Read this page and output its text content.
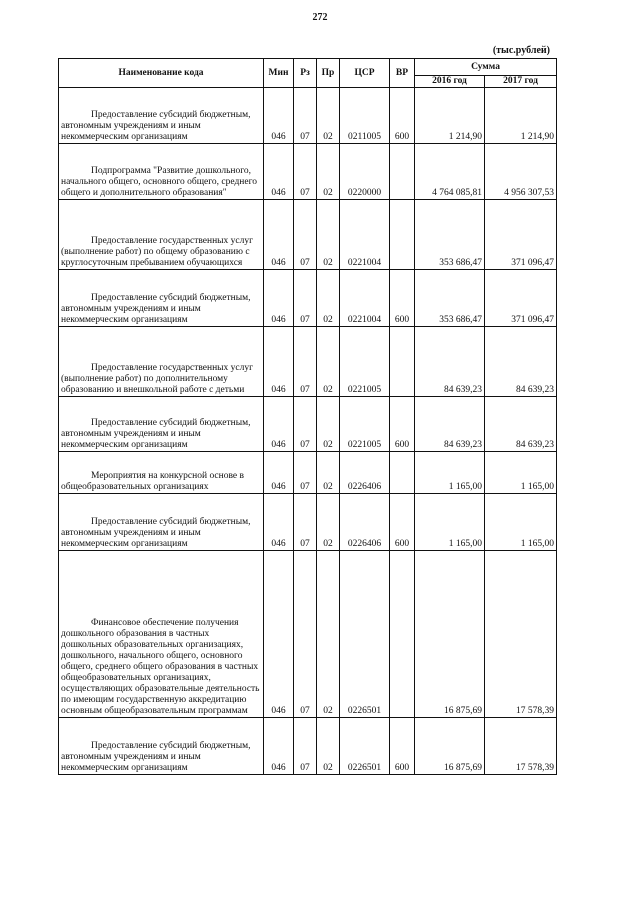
272
(тыс.рублей)
Наименование кода	Мин	Рз	Пр	ЦСР	ВР	Сумма	
						2016 год	2017 год
Предоставление субсидий бюджетным, автономным учреждениям и иным некоммерческим организациям	046	07	02	0211005	600	1 214,90	1 214,90
Подпрограмма "Развитие дошкольного, начального общего, основного общего, среднего общего и дополнительного образования"	046	07	02	0220000		4 764 085,81	4 956 307,53
Предоставление государственных услуг (выполнение работ) по общему образованию с круглосуточным пребыванием обучающихся	046	07	02	0221004		353 686,47	371 096,47
Предоставление субсидий бюджетным, автономным учреждениям и иным некоммерческим организациям	046	07	02	0221004	600	353 686,47	371 096,47
Предоставление государственных услуг (выполнение работ) по дополнительному образованию и внешкольной работе с детьми	046	07	02	0221005		84 639,23	84 639,23
Предоставление субсидий бюджетным, автономным учреждениям и иным некоммерческим организациям	046	07	02	0221005	600	84 639,23	84 639,23
Мероприятия на конкурсной основе в общеобразовательных организациях	046	07	02	0226406		1 165,00	1 165,00
Предоставление субсидий бюджетным, автономным учреждениям и иным некоммерческим организациям	046	07	02	0226406	600	1 165,00	1 165,00
Финансовое обеспечение получения дошкольного образования в частных дошкольных образовательных организациях, дошкольного, начального общего, основного общего, среднего общего образования в частных общеобразовательных организациях, осуществляющих образовательные деятельность по имеющим государственную аккредитацию основным общеобразовательным программам	046	07	02	0226501		16 875,69	17 578,39
Предоставление субсидий бюджетным, автономным учреждениям и иным некоммерческим организациям	046	07	02	0226501	600	16 875,69	17 578,39
